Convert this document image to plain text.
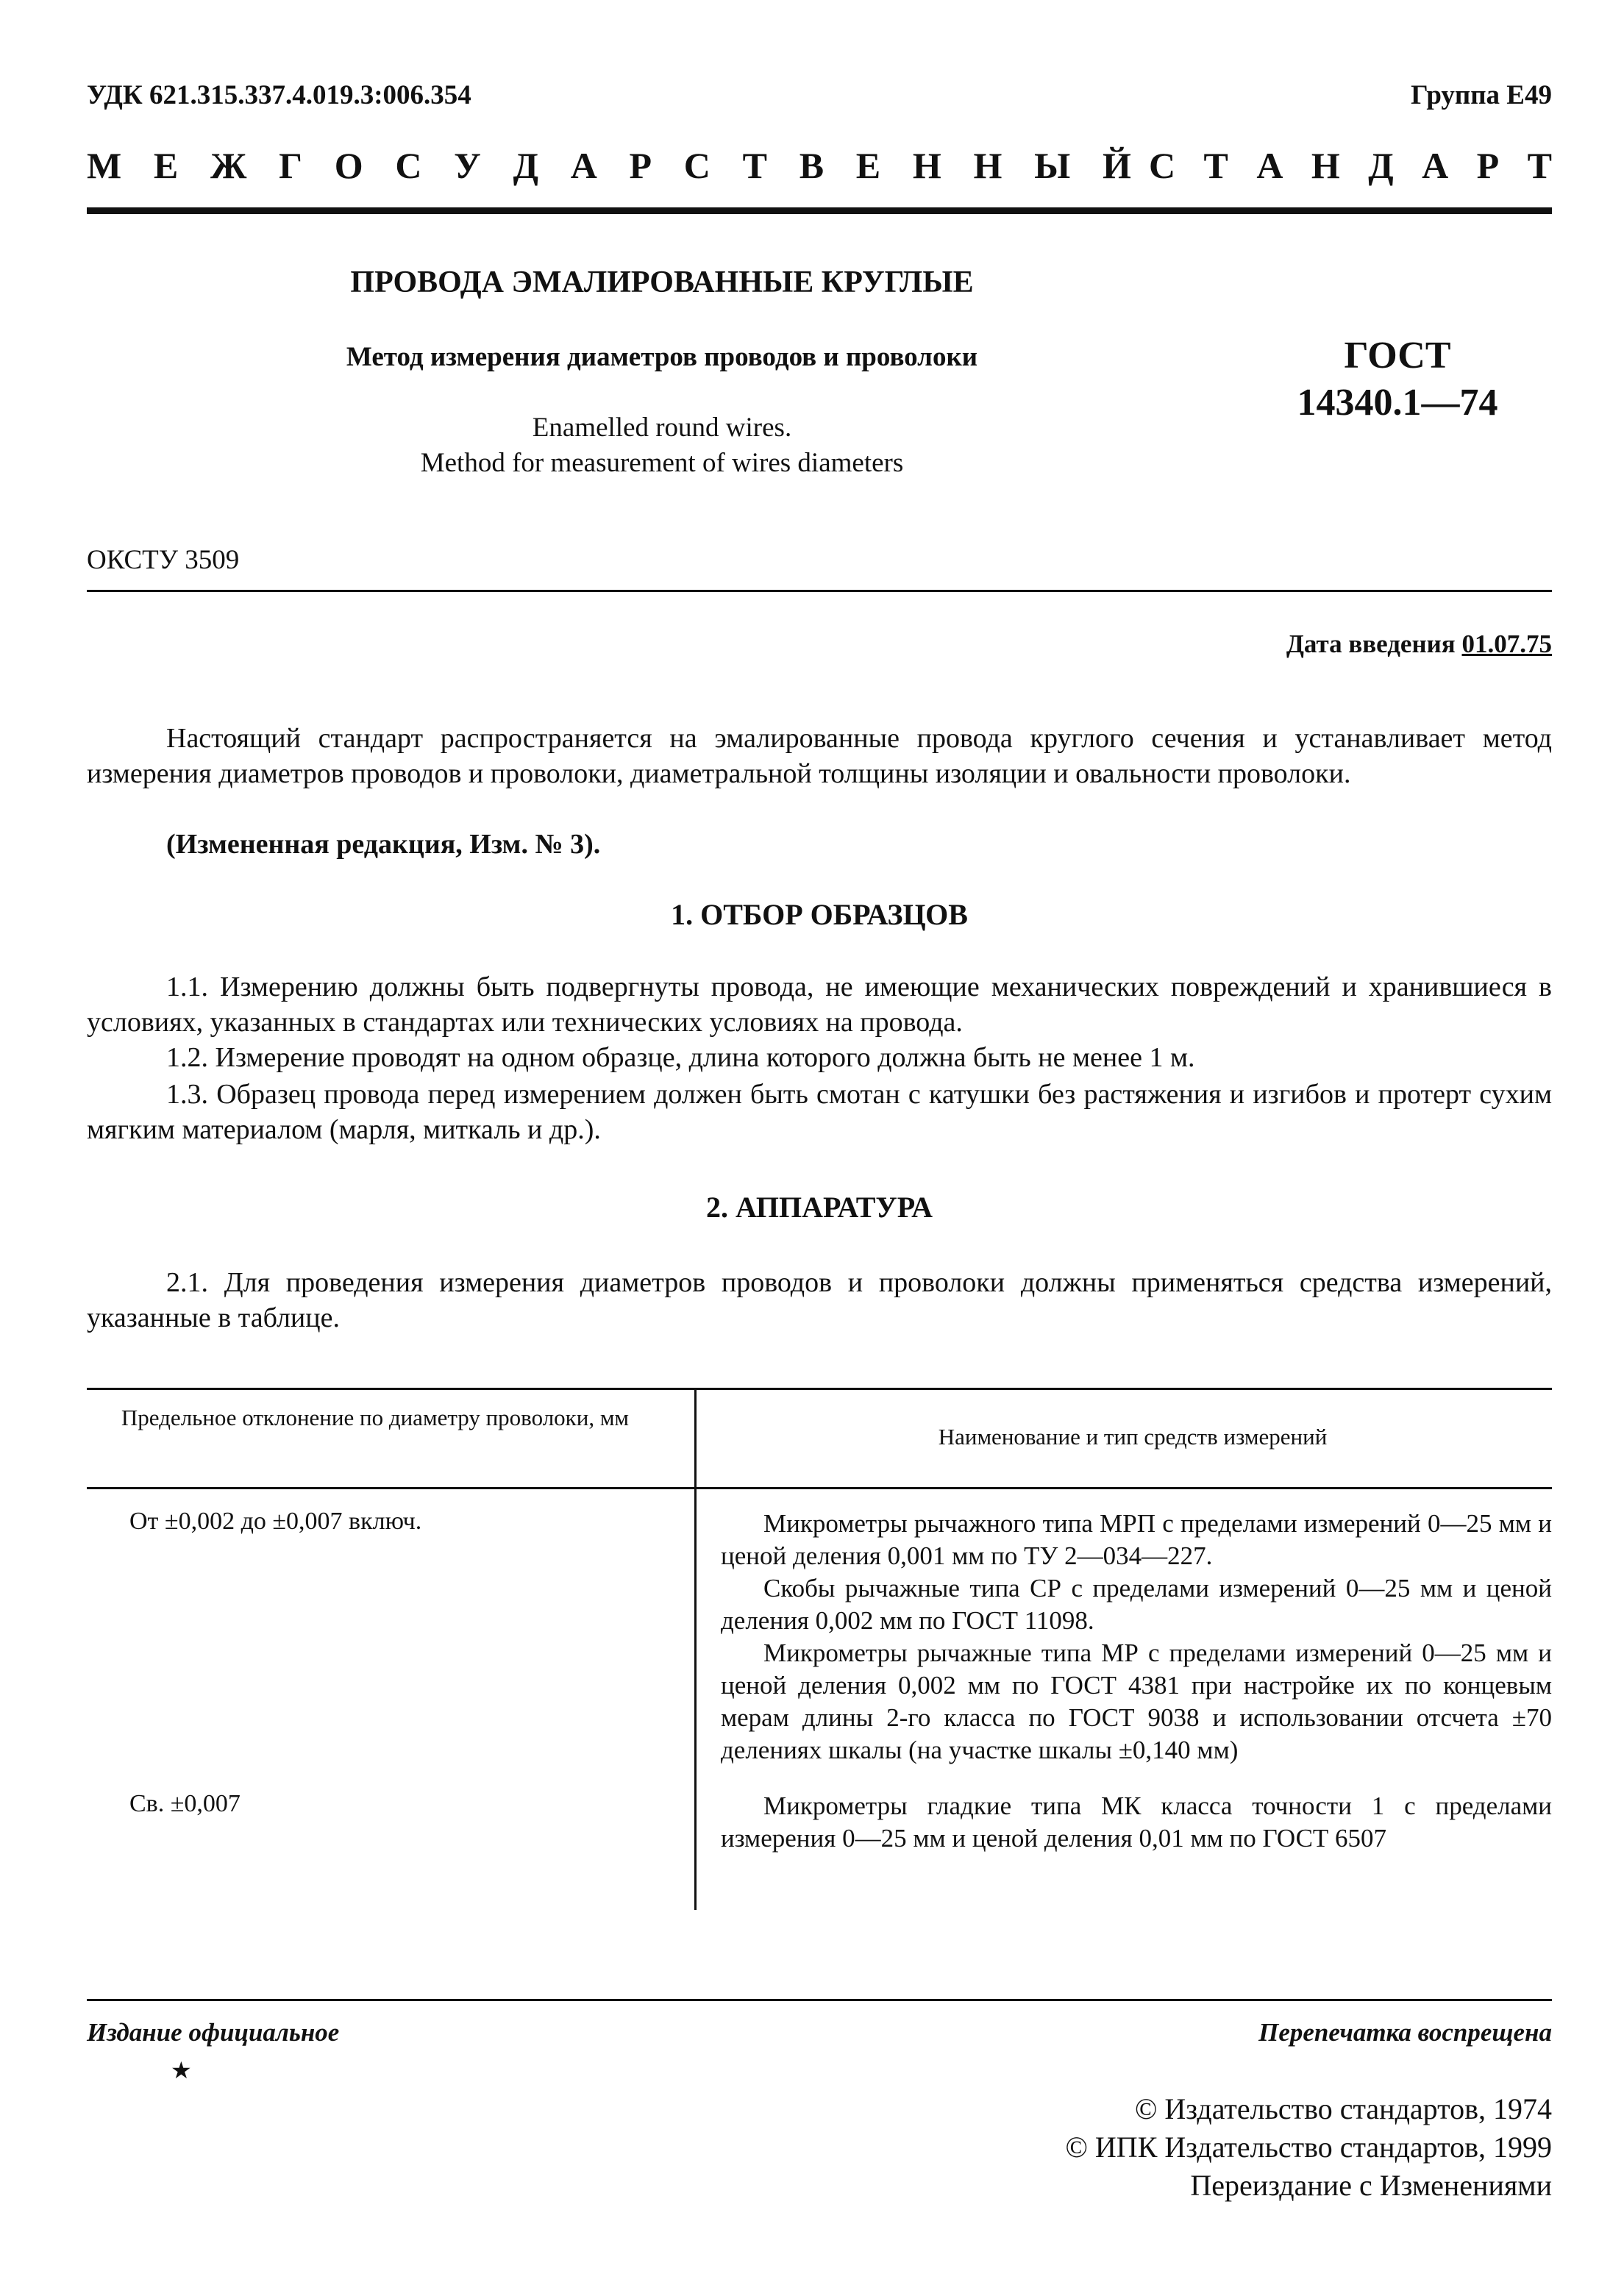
УДК 621.315.337.4.019.3:006.354	Группа Е49
М Е Ж Г О С У Д А Р С Т В Е Н Н Ы Й С Т А Н Д А Р Т
ПРОВОДА ЭМАЛИРОВАННЫЕ КРУГЛЫЕ
Метод измерения диаметров проводов и проволоки
Enamelled round wires.
Method for measurement of wires diameters
ГОСТ
14340.1—74
ОКСТУ 3509
Дата введения 01.07.75
Настоящий стандарт распространяется на эмалированные провода круглого сечения и устанавливает метод измерения диаметров проводов и проволоки, диаметральной толщины изоляции и овальности проволоки.
(Измененная редакция, Изм. № 3).
1. ОТБОР ОБРАЗЦОВ
1.1. Измерению должны быть подвергнуты провода, не имеющие механических повреждений и хранившиеся в условиях, указанных в стандартах или технических условиях на провода.
1.2. Измерение проводят на одном образце, длина которого должна быть не менее 1 м.
1.3. Образец провода перед измерением должен быть смотан с катушки без растяжения и изгибов и протерт сухим мягким материалом (марля, миткаль и др.).
2. АППАРАТУРА
2.1. Для проведения измерения диаметров проводов и проволоки должны применяться средства измерений, указанные в таблице.
Предельное отклонение по диаметру проволоки, мм
Наименование и тип средств измерений
От ±0,002 до ±0,007 включ.
Св. ±0,007
Микрометры рычажного типа МРП с пределами измерений 0—25 мм и ценой деления 0,001 мм по ТУ 2—034—227.
Скобы рычажные типа СР с пределами измерений 0—25 мм и ценой деления 0,002 мм по ГОСТ 11098.
Микрометры рычажные типа МР с пределами измерений 0—25 мм и ценой деления 0,002 мм по ГОСТ 4381 при настройке их по концевым мерам длины 2-го класса по ГОСТ 9038 и использовании отсчета ±70 делениях шкалы (на участке шкалы ±0,140 мм)
Микрометры гладкие типа МК класса точности 1 с пределами измерения 0—25 мм и ценой деления 0,01 мм по ГОСТ 6507
Издание официальное
★
Перепечатка воспрещена
© Издательство стандартов, 1974
© ИПК Издательство стандартов, 1999
Переиздание с Изменениями
